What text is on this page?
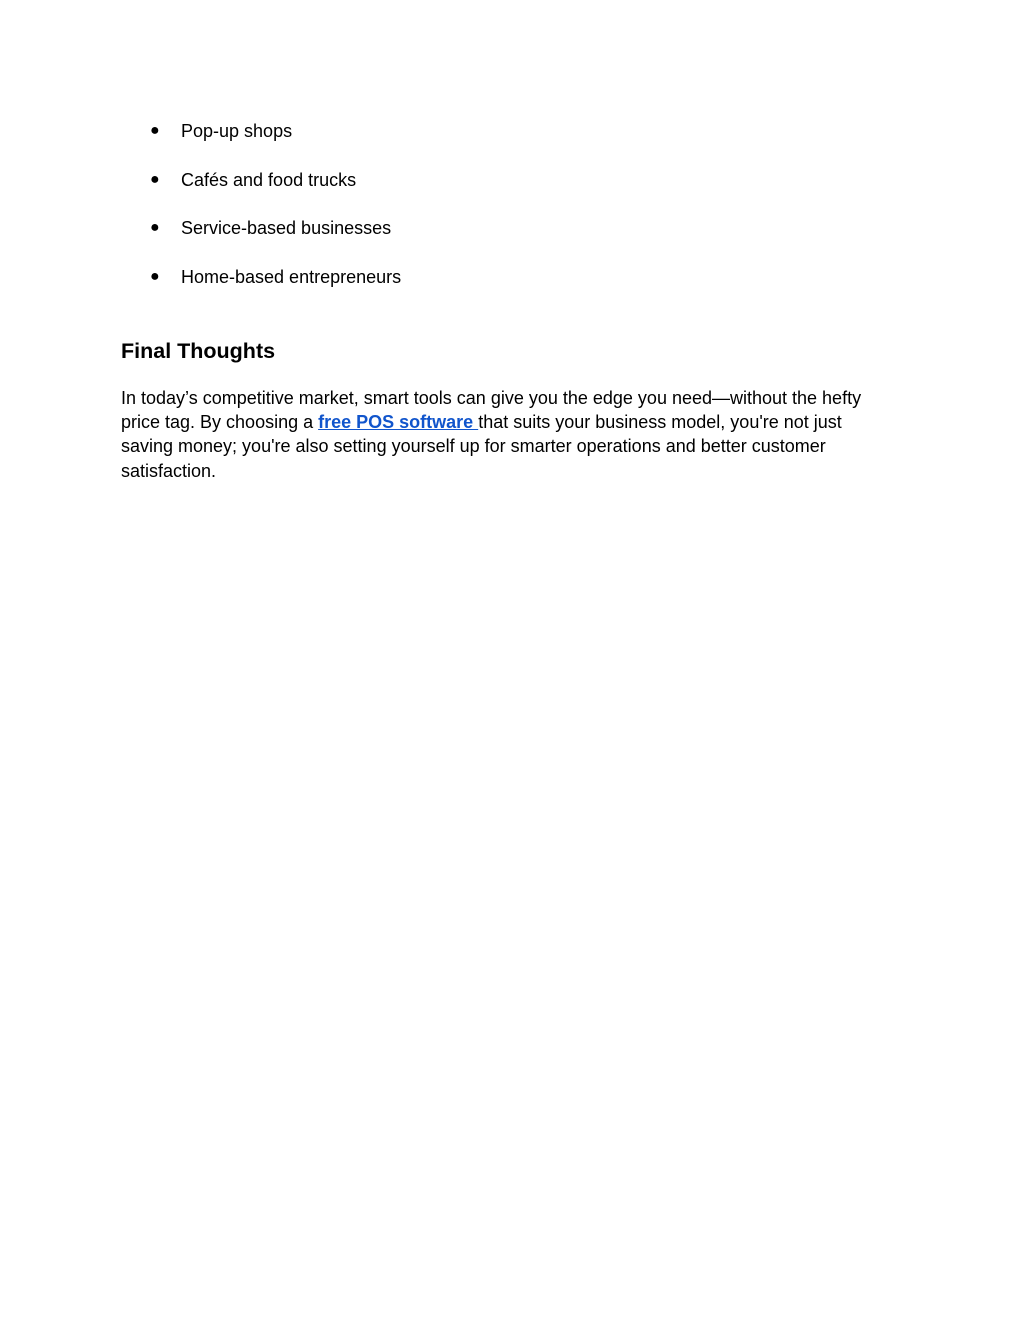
● Pop-up shops
● Cafés and food trucks
● Service-based businesses
● Home-based entrepreneurs
Final Thoughts

In today’s competitive market, smart tools can give you the edge you need—without the hefty
price tag. By choosing a free POS software that suits your business model, you're not just
saving money; you're also setting yourself up for smarter operations and better customer
satisfaction.
